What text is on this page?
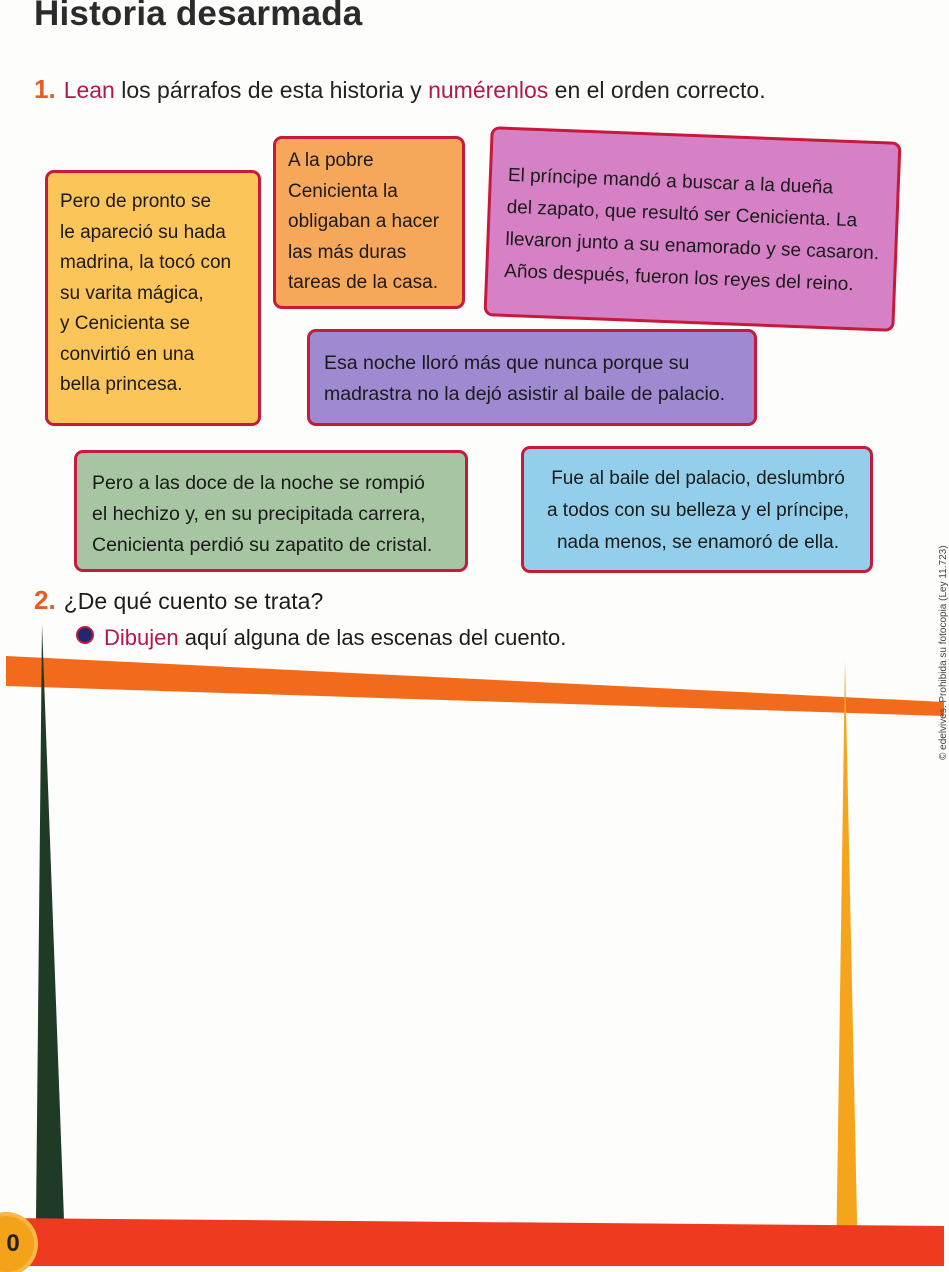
Historia desarmada
1. Lean los párrafos de esta historia y numérenlos en el orden correcto.
A la pobre
Cenicienta la
obligaban a hacer
las más duras
tareas de la casa.
Pero de pronto se
le apareció su hada
madrina, la tocó con
su varita mágica,
y Cenicienta se
convirtió en una
bella princesa.
El príncipe mandó a buscar a la dueña
del zapato, que resultó ser Cenicienta. La
llevaron junto a su enamorado y se casaron.
Años después, fueron los reyes del reino.
Esa noche lloró más que nunca porque su
madrastra no la dejó asistir al baile de palacio.
Pero a las doce de la noche se rompió
el hechizo y, en su precipitada carrera,
Cenicienta perdió su zapatito de cristal.
Fue al baile del palacio, deslumbró
a todos con su belleza y el príncipe,
nada menos, se enamoró de ella.
2. ¿De qué cuento se trata?
Dibujen aquí alguna de las escenas del cuento.
0
© edelvives. Prohibida su fotocopia (Ley 11.723)
